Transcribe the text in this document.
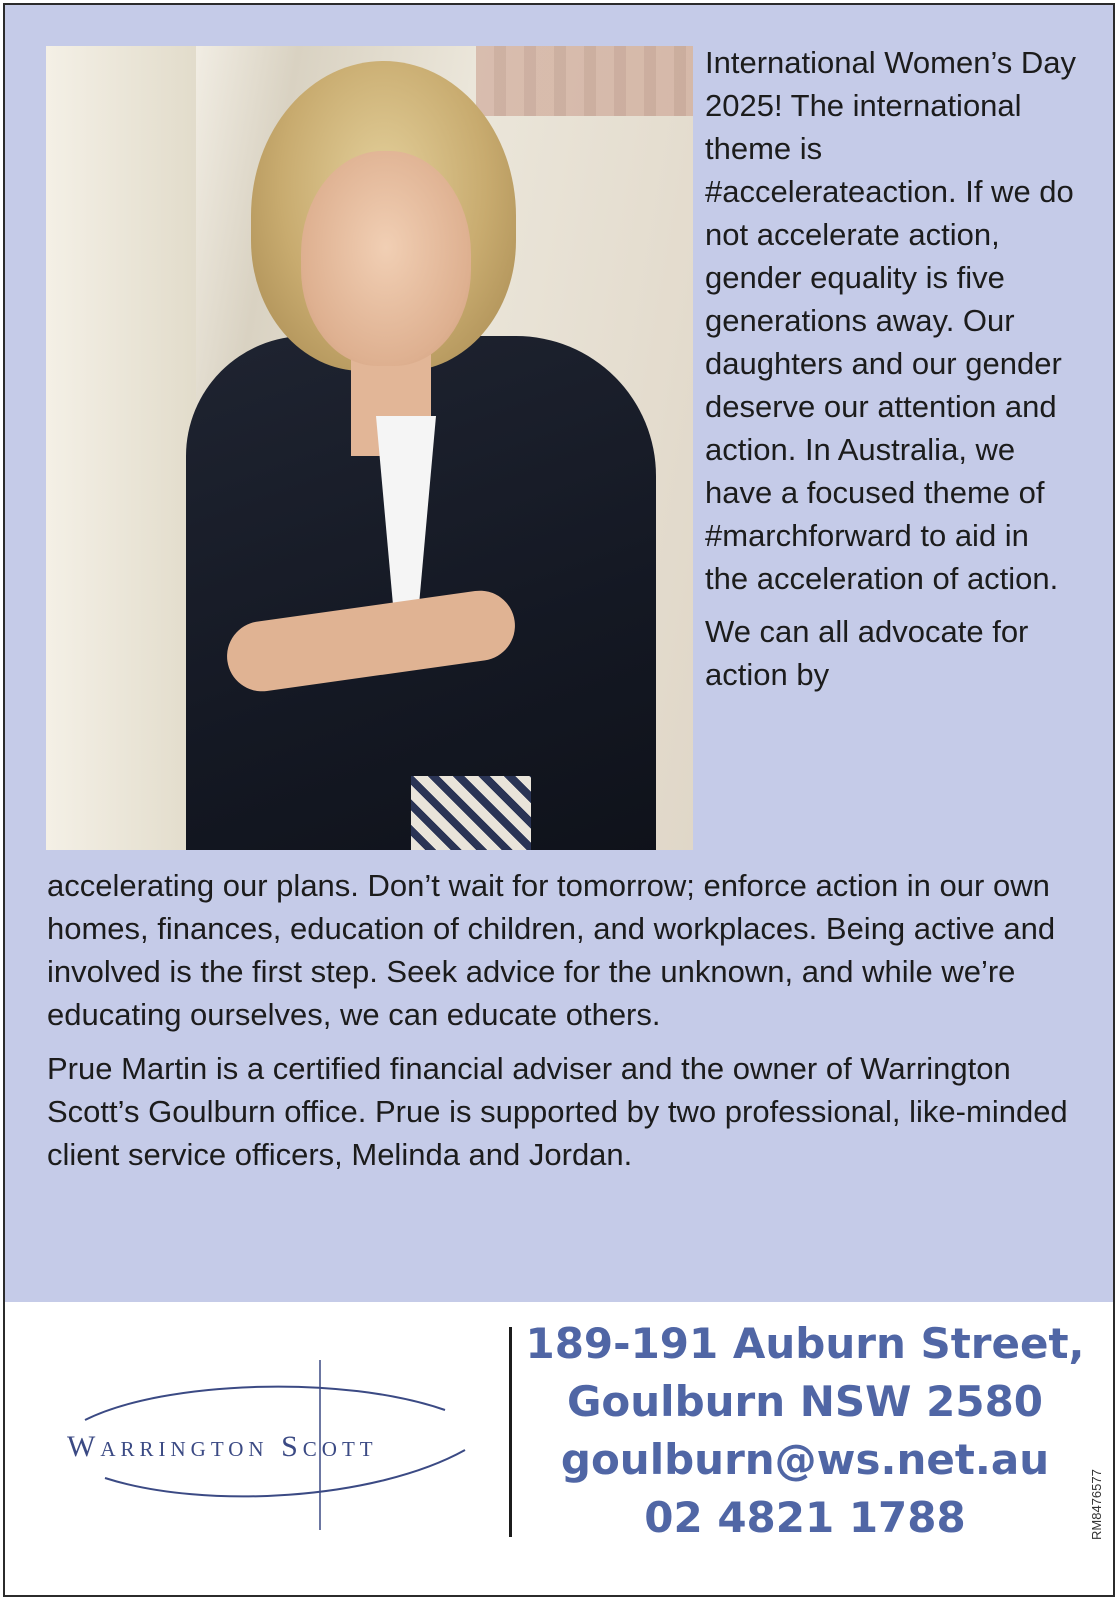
International Women’s Day 2025! The international theme is #accelerateaction. If we do not accelerate action, gender equality is five generations away. Our daughters and our gender deserve our attention and action. In Australia, we have a focused theme of #marchforward to aid in the acceleration of action.

We can all advocate for action by

accelerating our plans. Don’t wait for tomorrow; enforce action in our own homes, finances, education of children, and workplaces. Being active and involved is the first step. Seek advice for the unknown, and while we’re educating ourselves, we can educate others.

Prue Martin is a certified financial adviser and the owner of Warrington Scott’s Goulburn office. Prue is supported by two professional, like-minded client service officers, Melinda and Jordan.

Warrington Scott
189-191 Auburn Street,
Goulburn NSW 2580
goulburn@ws.net.au
02 4821 1788	RM8476577
